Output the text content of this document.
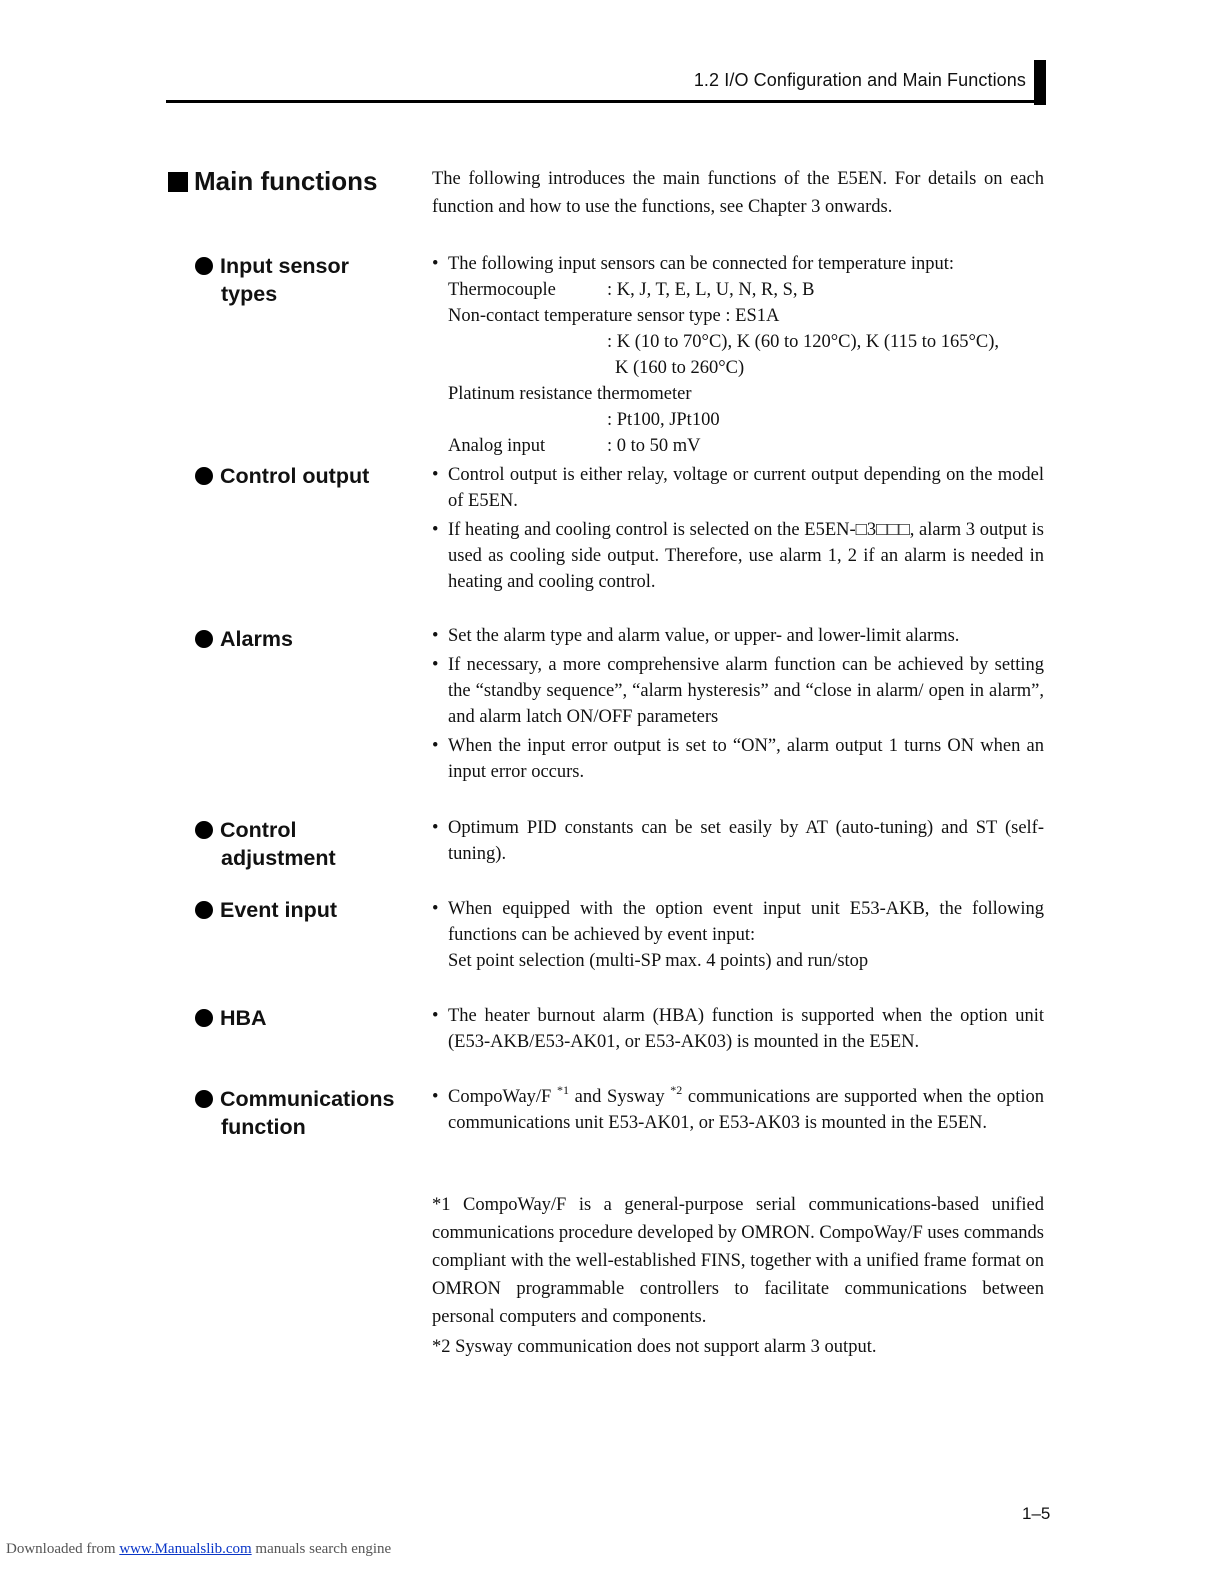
1.2 I/O Configuration and Main Functions
Main functions	The following introduces the main functions of the E5EN. For details on each function and how to use the functions, see Chapter 3 onwards.
Input sensor
types
• The following input sensors can be connected for temperature input:
Thermocouple	: K, J, T, E, L, U, N, R, S, B
Non-contact temperature sensor type : ES1A
: K (10 to 70°C), K (60 to 120°C), K (115 to 165°C),
K (160 to 260°C)
Platinum resistance thermometer
: Pt100, JPt100
Analog input	: 0 to 50 mV
Control output	• Control output is either relay, voltage or current output depending on the model of E5EN.
• If heating and cooling control is selected on the E5EN-□3□□□, alarm 3 output is used as cooling side output. Therefore, use alarm 1, 2 if an alarm is needed in heating and cooling control.
Alarms	• Set the alarm type and alarm value, or upper- and lower-limit alarms.
• If necessary, a more comprehensive alarm function can be achieved by setting the “standby sequence”, “alarm hysteresis” and “close in alarm/ open in alarm”, and alarm latch ON/OFF parameters
• When the input error output is set to “ON”, alarm output 1 turns ON when an input error occurs.
Control
adjustment
• Optimum PID constants can be set easily by AT (auto-tuning) and ST (self-tuning).
Event input	• When equipped with the option event input unit E53-AKB, the following functions can be achieved by event input:
Set point selection (multi-SP max. 4 points) and run/stop
HBA	• The heater burnout alarm (HBA) function is supported when the option unit (E53-AKB/E53-AK01, or E53-AK03) is mounted in the E5EN.
Communications
function
• CompoWay/F $^{*1}$ and Sysway $^{*2}$ communications are supported when the option communications unit E53-AK01, or E53-AK03 is mounted in the E5EN.
*1 CompoWay/F is a general-purpose serial communications-based unified communications procedure developed by OMRON. CompoWay/F uses commands compliant with the well-established FINS, together with a unified frame format on OMRON programmable controllers to facilitate communications between personal computers and components.
*2 Sysway communication does not support alarm 3 output.
1–5
Downloaded from www.Manualslib.com manuals search engine
